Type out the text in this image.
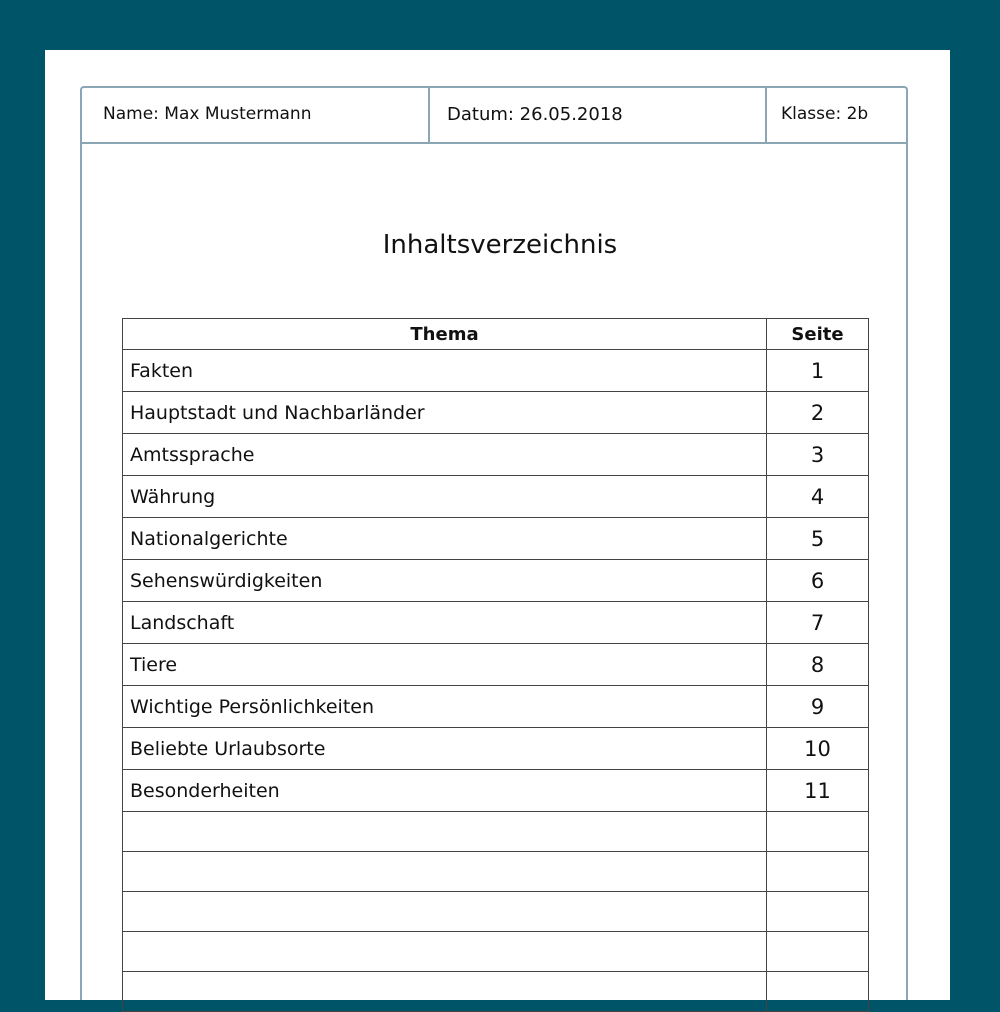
Name: Max Mustermann	Datum: 26.05.2018	Klasse: 2b
Inhaltsverzeichnis
Thema	Seite
Fakten	1
Hauptstadt und Nachbarländer	2
Amtssprache	3
Währung	4
Nationalgerichte	5
Sehenswürdigkeiten	6
Landschaft	7
Tiere	8
Wichtige Persönlichkeiten	9
Beliebte Urlaubsorte	10
Besonderheiten	11
